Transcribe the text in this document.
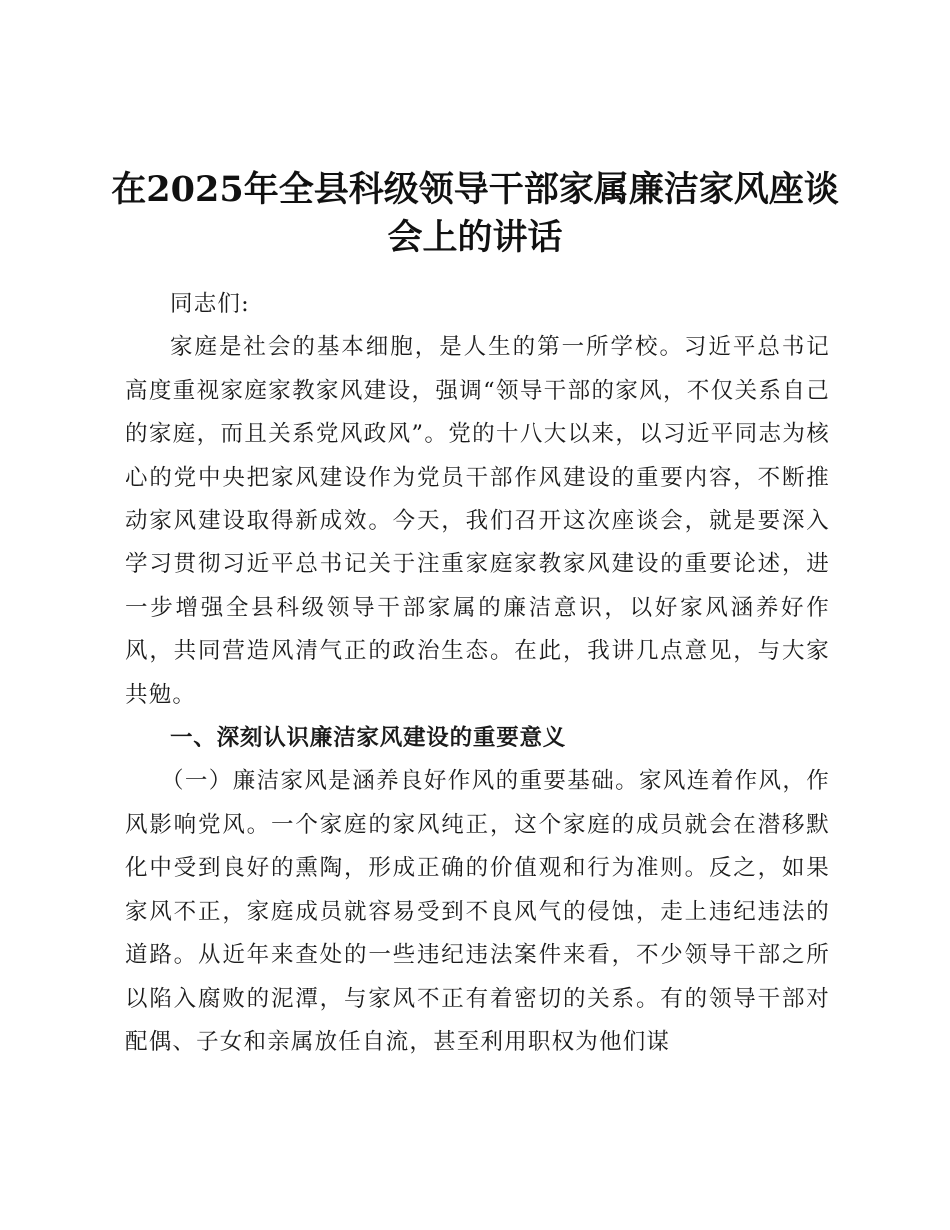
在2025年全县科级领导干部家属廉洁家风座谈会上的讲话

同志们:

家庭是社会的基本细胞，是人生的第一所学校。习近平总书记高度重视家庭家教家风建设，强调“领导干部的家风，不仅关系自己的家庭，而且关系党风政风”。党的十八大以来，以习近平同志为核心的党中央把家风建设作为党员干部作风建设的重要内容，不断推动家风建设取得新成效。今天，我们召开这次座谈会，就是要深入学习贯彻习近平总书记关于注重家庭家教家风建设的重要论述，进一步增强全县科级领导干部家属的廉洁意识，以好家风涵养好作风，共同营造风清气正的政治生态。在此，我讲几点意见，与大家共勉。

一、深刻认识廉洁家风建设的重要意义

（一）廉洁家风是涵养良好作风的重要基础。家风连着作风，作风影响党风。一个家庭的家风纯正，这个家庭的成员就会在潜移默化中受到良好的熏陶，形成正确的价值观和行为准则。反之，如果家风不正，家庭成员就容易受到不良风气的侵蚀，走上违纪违法的道路。从近年来查处的一些违纪违法案件来看，不少领导干部之所以陷入腐败的泥潭，与家风不正有着密切的关系。有的领导干部对配偶、子女和亲属放任自流，甚至利用职权为他们谋
